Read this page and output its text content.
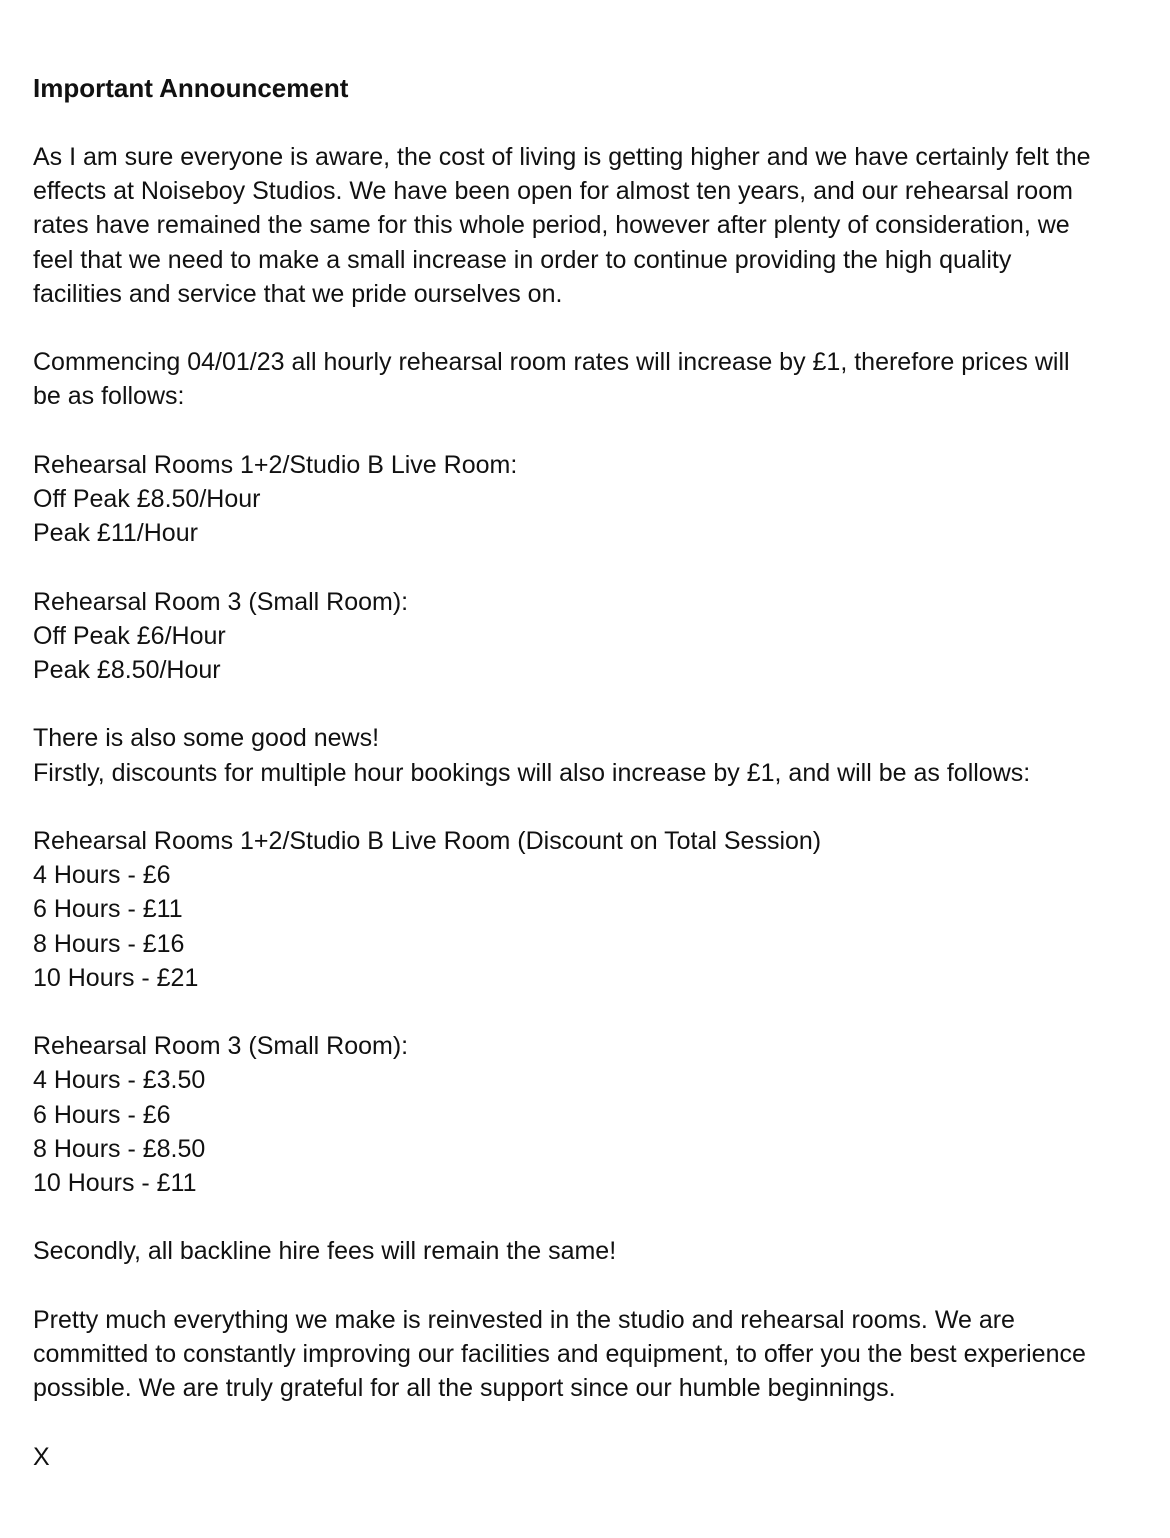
Important Announcement
As I am sure everyone is aware, the cost of living is getting higher and we have certainly felt the
effects at Noiseboy Studios. We have been open for almost ten years, and our rehearsal room
rates have remained the same for this whole period, however after plenty of consideration, we
feel that we need to make a small increase in order to continue providing the high quality
facilities and service that we pride ourselves on.
Commencing 04/01/23 all hourly rehearsal room rates will increase by £1, therefore prices will
be as follows:
Rehearsal Rooms 1+2/Studio B Live Room:
Off Peak £8.50/Hour
Peak £11/Hour
Rehearsal Room 3 (Small Room):
Off Peak £6/Hour
Peak £8.50/Hour
There is also some good news!
Firstly, discounts for multiple hour bookings will also increase by £1, and will be as follows:
Rehearsal Rooms 1+2/Studio B Live Room (Discount on Total Session)
4 Hours - £6
6 Hours - £11
8 Hours - £16
10 Hours - £21
Rehearsal Room 3 (Small Room):
4 Hours - £3.50
6 Hours - £6
8 Hours - £8.50
10 Hours - £11
Secondly, all backline hire fees will remain the same!
Pretty much everything we make is reinvested in the studio and rehearsal rooms. We are
committed to constantly improving our facilities and equipment, to offer you the best experience
possible. We are truly grateful for all the support since our humble beginnings.
X
